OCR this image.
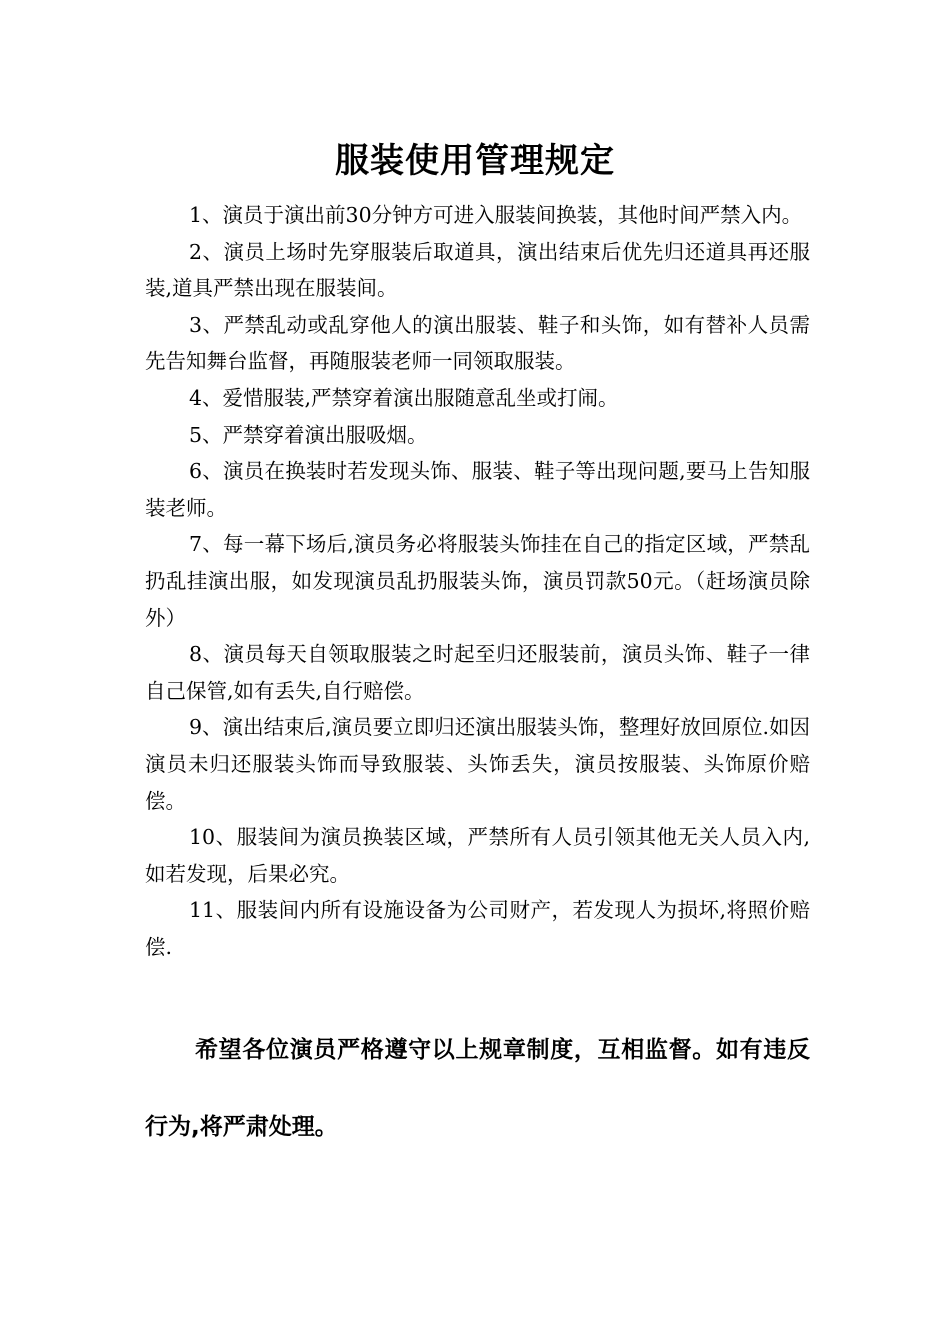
服装使用管理规定
1、演员于演出前30分钟方可进入服装间换装，其他时间严禁入内。
2、演员上场时先穿服装后取道具，演出结束后优先归还道具再还服装,道具严禁出现在服装间。
3、严禁乱动或乱穿他人的演出服装、鞋子和头饰，如有替补人员需先告知舞台监督，再随服装老师一同领取服装。
4、爱惜服装,严禁穿着演出服随意乱坐或打闹。
5、严禁穿着演出服吸烟。
6、演员在换装时若发现头饰、服装、鞋子等出现问题,要马上告知服装老师。
7、每一幕下场后,演员务必将服装头饰挂在自己的指定区域，严禁乱扔乱挂演出服，如发现演员乱扔服装头饰，演员罚款50元。（赶场演员除外）
8、演员每天自领取服装之时起至归还服装前，演员头饰、鞋子一律自己保管,如有丢失,自行赔偿。
9、演出结束后,演员要立即归还演出服装头饰，整理好放回原位.如因演员未归还服装头饰而导致服装、头饰丢失，演员按服装、头饰原价赔偿。
10、服装间为演员换装区域，严禁所有人员引领其他无关人员入内,如若发现，后果必究。
11、服装间内所有设施设备为公司财产，若发现人为损坏,将照价赔偿.

希望各位演员严格遵守以上规章制度，互相监督。如有违反行为,将严肃处理。
